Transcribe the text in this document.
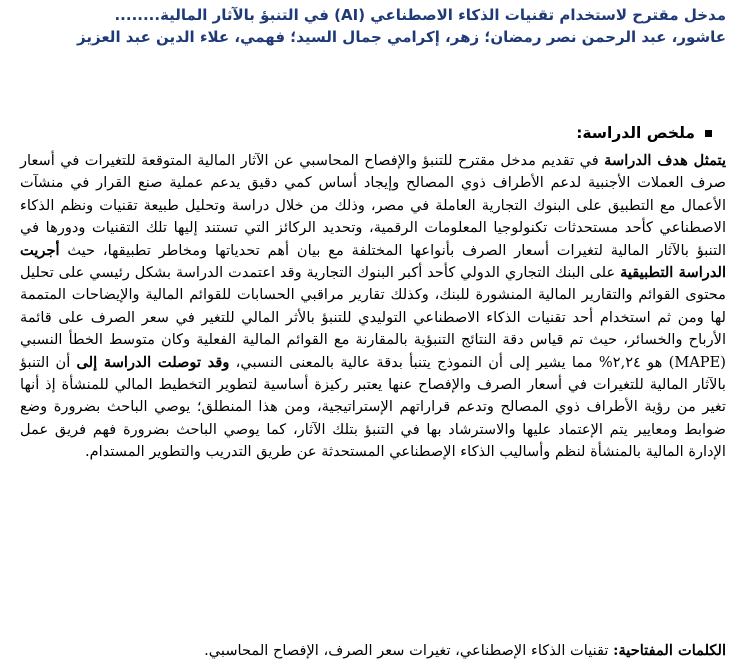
مدخل مقترح لاستخدام تقنيات الذكاء الاصطناعي (AI) في التنبؤ بالآثار المالية........
عاشور، عبد الرحمن نصر رمضان؛ زهر، إكرامي جمال السيد؛ فهمي، علاء الدين عبد العزيز
ملخص الدراسة:
يتمثل هدف الدراسة في تقديم مدخل مقترح للتنبؤ والإفصاح المحاسبي عن الآثار المالية المتوقعة للتغيرات في أسعار صرف العملات الأجنبية لدعم الأطراف ذوي المصالح وإيجاد أساس كمي دقيق يدعم عملية صنع القرار في منشآت الأعمال مع التطبيق على البنوك التجارية العاملة في مصر، وذلك من خلال دراسة وتحليل طبيعة تقنيات ونظم الذكاء الاصطناعي كأحد مستحدثات تكنولوجيا المعلومات الرقمية، وتحديد الركائز التي تستند إليها تلك التقنيات ودورها في التنبؤ بالآثار المالية لتغيرات أسعار الصرف بأنواعها المختلفة مع بيان أهم تحدياتها ومخاطر تطبيقها، حيث أجريت الدراسة التطبيقية على البنك التجاري الدولي كأحد أكبر البنوك التجارية وقد اعتمدت الدراسة بشكل رئيسي على تحليل محتوى القوائم والتقارير المالية المنشورة للبنك، وكذلك تقارير مراقبي الحسابات للقوائم المالية والإيضاحات المتممة لها ومن ثم استخدام أحد تقنيات الذكاء الاصطناعي التوليدي للتنبؤ بالأثر المالي للتغير في سعر الصرف على قائمة الأرباح والخسائر، حيث تم قياس دقة النتائج التنبؤية بالمقارنة مع القوائم المالية الفعلية وكان متوسط الخطأ النسبي (MAPE) هو ٢,٢٤% مما يشير إلى أن النموذج يتنبأ بدقة عالية بالمعنى النسبي، وقد توصلت الدراسة إلى أن التنبؤ بالآثار المالية للتغيرات في أسعار الصرف والإفصاح عنها يعتبر ركيزة أساسية لتطوير التخطيط المالي للمنشأة إذ أنها تغير من رؤية الأطراف ذوي المصالح وتدعم قراراتهم الإستراتيجية، ومن هذا المنطلق؛ يوصي الباحث بضرورة وضع ضوابط ومعايير يتم الإعتماد عليها والاسترشاد بها في التنبؤ بتلك الآثار، كما يوصي الباحث بضرورة فهم فريق عمل الإدارة المالية بالمنشأة لنظم وأساليب الذكاء الإصطناعي المستحدثة عن طريق التدريب والتطوير المستدام.
الكلمات المفتاحية: تقنيات الذكاء الإصطناعي، تغيرات سعر الصرف، الإفصاح المحاسبي.
